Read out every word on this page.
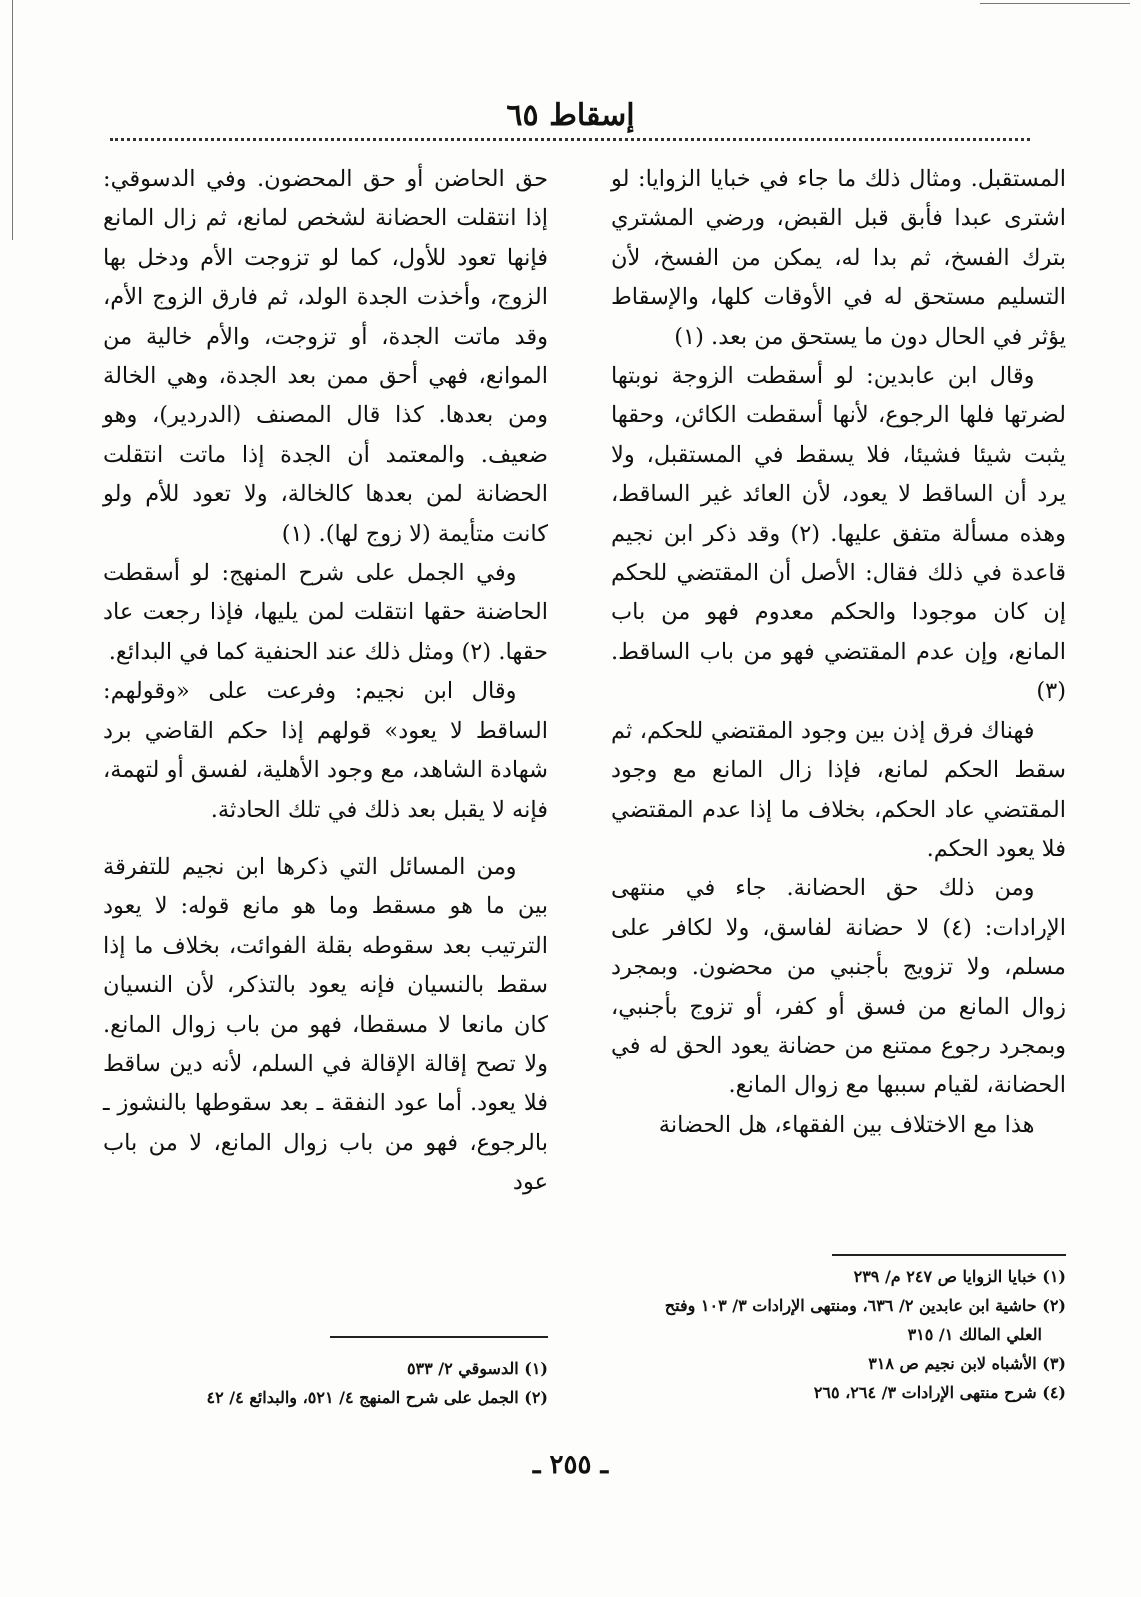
إسقاط ٦٥

المستقبل. ومثال ذلك ما جاء في خبايا الزوايا: لو اشترى عبدا فأبق قبل القبض، ورضي المشتري بترك الفسخ، ثم بدا له، يمكن من الفسخ، لأن التسليم مستحق له في الأوقات كلها، والإسقاط يؤثر في الحال دون ما يستحق من بعد. (١)

وقال ابن عابدين: لو أسقطت الزوجة نوبتها لضرتها فلها الرجوع، لأنها أسقطت الكائن، وحقها يثبت شيئا فشيئا، فلا يسقط في المستقبل، ولا يرد أن الساقط لا يعود، لأن العائد غير الساقط، وهذه مسألة متفق عليها. (٢) وقد ذكر ابن نجيم قاعدة في ذلك فقال: الأصل أن المقتضي للحكم إن كان موجودا والحكم معدوم فهو من باب المانع، وإن عدم المقتضي فهو من باب الساقط. (٣)

فهناك فرق إذن بين وجود المقتضي للحكم، ثم سقط الحكم لمانع، فإذا زال المانع مع وجود المقتضي عاد الحكم، بخلاف ما إذا عدم المقتضي فلا يعود الحكم.

ومن ذلك حق الحضانة. جاء في منتهى الإرادات: (٤) لا حضانة لفاسق، ولا لكافر على مسلم، ولا تزويج بأجنبي من محضون. وبمجرد زوال المانع من فسق أو كفر، أو تزوج بأجنبي، وبمجرد رجوع ممتنع من حضانة يعود الحق له في الحضانة، لقيام سببها مع زوال المانع.

هذا مع الاختلاف بين الفقهاء، هل الحضانة

حق الحاضن أو حق المحضون. وفي الدسوقي: إذا انتقلت الحضانة لشخص لمانع، ثم زال المانع فإنها تعود للأول، كما لو تزوجت الأم ودخل بها الزوج، وأخذت الجدة الولد، ثم فارق الزوج الأم، وقد ماتت الجدة، أو تزوجت، والأم خالية من الموانع، فهي أحق ممن بعد الجدة، وهي الخالة ومن بعدها. كذا قال المصنف (الدردير)، وهو ضعيف. والمعتمد أن الجدة إذا ماتت انتقلت الحضانة لمن بعدها كالخالة، ولا تعود للأم ولو كانت متأيمة (لا زوج لها). (١)

وفي الجمل على شرح المنهج: لو أسقطت الحاضنة حقها انتقلت لمن يليها، فإذا رجعت عاد حقها. (٢) ومثل ذلك عند الحنفية كما في البدائع.

وقال ابن نجيم: وفرعت على «وقولهم: الساقط لا يعود» قولهم إذا حكم القاضي برد شهادة الشاهد، مع وجود الأهلية، لفسق أو لتهمة، فإنه لا يقبل بعد ذلك في تلك الحادثة.

ومن المسائل التي ذكرها ابن نجيم للتفرقة بين ما هو مسقط وما هو مانع قوله: لا يعود الترتيب بعد سقوطه بقلة الفوائت، بخلاف ما إذا سقط بالنسيان فإنه يعود بالتذكر، لأن النسيان كان مانعا لا مسقطا، فهو من باب زوال المانع. ولا تصح إقالة الإقالة في السلم، لأنه دين ساقط فلا يعود. أما عود النفقة ـ بعد سقوطها بالنشوز ـ بالرجوع، فهو من باب زوال المانع، لا من باب عود

(١) خبايا الزوايا ص ٢٤٧ م/ ٢٣٩

(٢) حاشية ابن عابدين ٢/ ٦٣٦، ومنتهى الإرادات ٣/ ١٠٣ وفتح

العلي المالك ١/ ٣١٥

(٣) الأشباه لابن نجيم ص ٣١٨

(٤) شرح منتهى الإرادات ٣/ ٢٦٤، ٢٦٥

(١) الدسوقي ٢/ ٥٣٣

(٢) الجمل على شرح المنهج ٤/ ٥٢١، والبدائع ٤/ ٤٢

ـ ٢٥٥ ـ
